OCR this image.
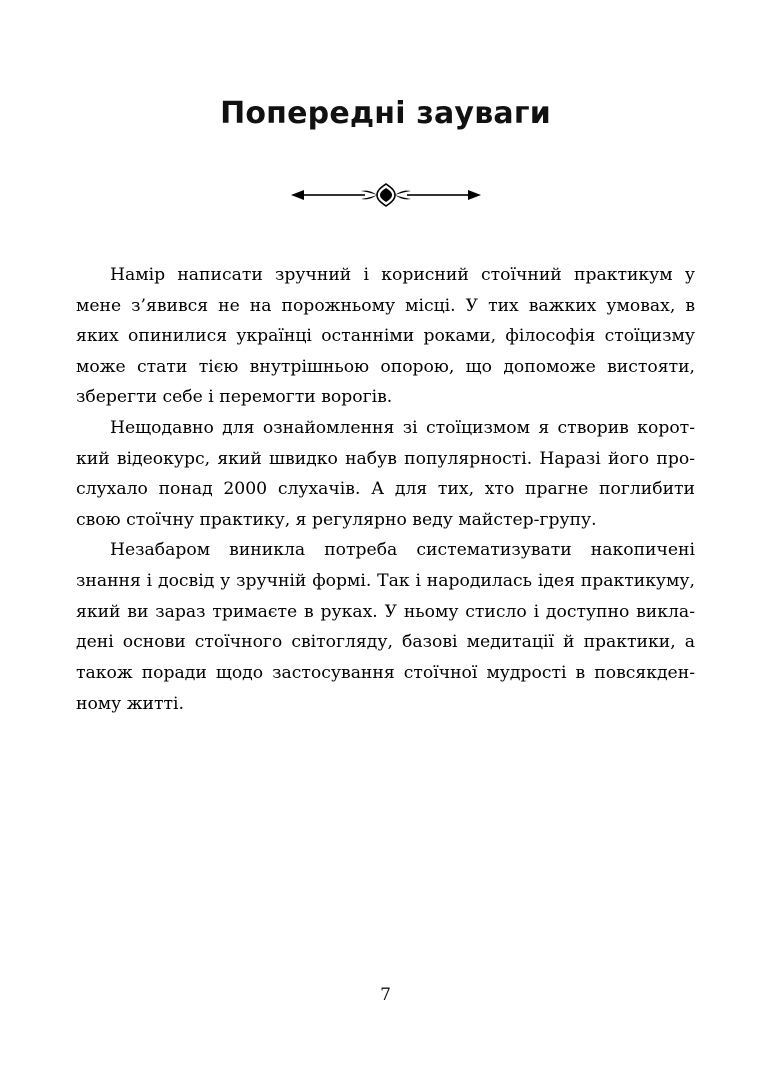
Попередні зауваги

Намір написати зручний і корисний стоїчний практикум у мене з’явився не на порожньому місці. У тих важких умовах, в яких опинилися українці останніми роками, філософія стоїцизму може стати тією внутрішньою опорою, що допоможе вистояти, зберегти себе і перемогти ворогів.

Нещодавно для ознайомлення зі стоїцизмом я створив короткий відеокурс, який швидко набув популярності. Наразі його прослухало понад 2000 слухачів. А для тих, хто прагне поглибити свою стоїчну практику, я регулярно веду майстер-групу.

Незабаром виникла потреба систематизувати накопичені знання і досвід у зручній формі. Так і народилась ідея практикуму, який ви зараз тримаєте в руках. У ньому стисло і доступно викладені основи стоїчного світогляду, базові медитації й практики, а також поради щодо застосування стоїчної мудрості в повсякденному житті.

7
